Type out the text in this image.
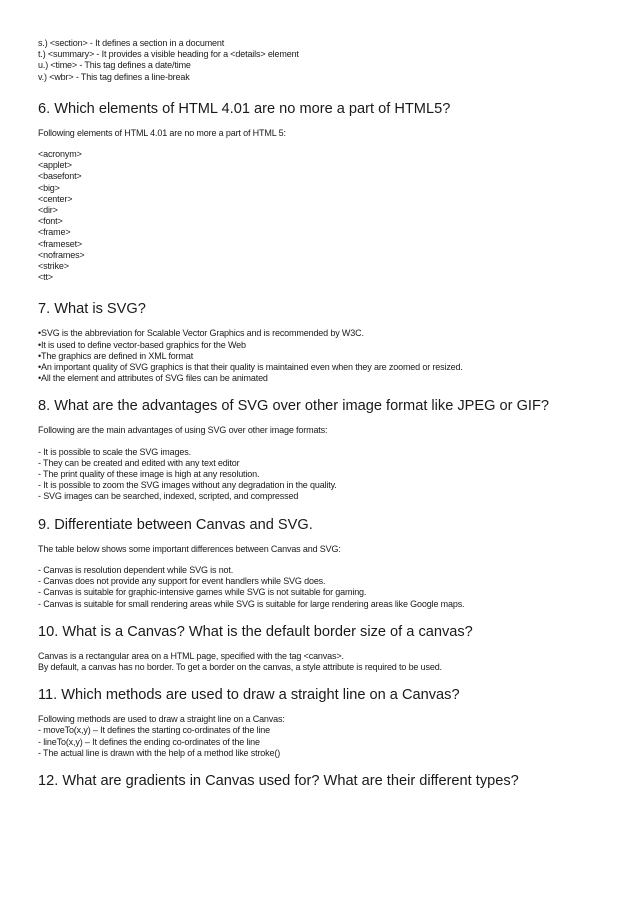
s.) <section> - It defines a section in a document
t.) <summary> - It provides a visible heading for a <details> element
u.) <time> - This tag defines a date/time
v.) <wbr> - This tag defines a line-break
6. Which elements of HTML 4.01 are no more a part of HTML5?
Following elements of HTML 4.01 are no more a part of HTML 5:
<acronym>
<applet>
<basefont>
<big>
<center>
<dir>
<font>
<frame>
<frameset>
<noframes>
<strike>
<tt>
7. What is SVG?
•SVG is the abbreviation for Scalable Vector Graphics and is recommended by W3C.
•It is used to define vector-based graphics for the Web
•The graphics are defined in XML format
•An important quality of SVG graphics is that their quality is maintained even when they are zoomed or resized.
•All the element and attributes of SVG files can be animated
8. What are the advantages of SVG over other image format like JPEG or GIF?
Following are the main advantages of using SVG over other image formats:
- It is possible to scale the SVG images.
- They can be created and edited with any text editor
- The print quality of these image is high at any resolution.
- It is possible to zoom the SVG images without any degradation in the quality.
- SVG images can be searched, indexed, scripted, and compressed
9. Differentiate between Canvas and SVG.
The table below shows some important differences between Canvas and SVG:
- Canvas is resolution dependent while SVG is not.
- Canvas does not provide any support for event handlers while SVG does.
- Canvas is suitable for graphic-intensive games while SVG is not suitable for gaming.
- Canvas is suitable for small rendering areas while SVG is suitable for large rendering areas like Google maps.
10. What is a Canvas? What is the default border size of a canvas?
Canvas is a rectangular area on a HTML page, specified with the tag <canvas>.
By default, a canvas has no border. To get a border on the canvas, a style attribute is required to be used.
11. Which methods are used to draw a straight line on a Canvas?
Following methods are used to draw a straight line on a Canvas:
- moveTo(x,y) – It defines the starting co-ordinates of the line
- lineTo(x,y) – It defines the ending co-ordinates of the line
- The actual line is drawn with the help of a method like stroke()
12. What are gradients in Canvas used for? What are their different types?
